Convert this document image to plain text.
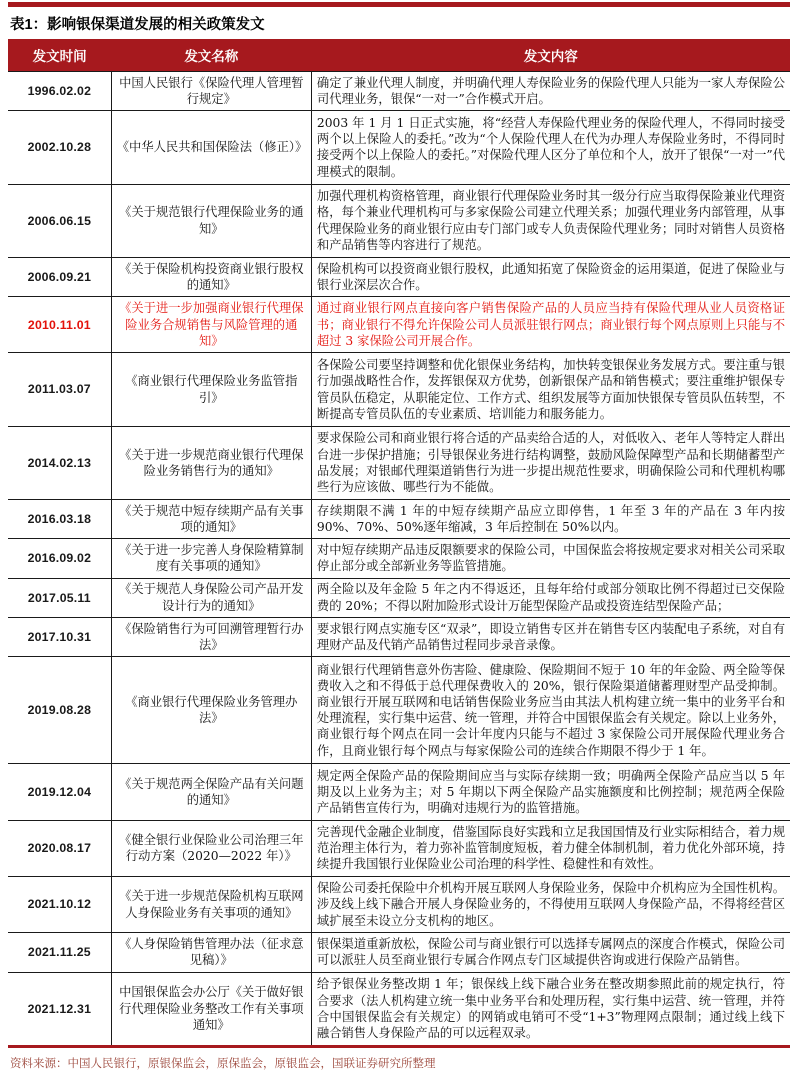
表1：影响银保渠道发展的相关政策发文
发文时间	发文名称	发文内容
1996.02.02	中国人民银行《保险代理人管理暂行规定》	确定了兼业代理人制度，并明确代理人寿保险业务的保险代理人只能为一家人寿保险公司代理业务，银保“一对一”合作模式开启。
2002.10.28	《中华人民共和国保险法（修正）》	2003 年 1 月 1 日正式实施，将“经营人寿保险代理业务的保险代理人，不得同时接受两个以上保险人的委托。”改为“个人保险代理人在代为办理人寿保险业务时，不得同时接受两个以上保险人的委托。”对保险代理人区分了单位和个人，放开了银保“一对一”代理模式的限制。
2006.06.15	《关于规范银行代理保险业务的通知》	加强代理机构资格管理，商业银行代理保险业务时其一级分行应当取得保险兼业代理资格，每个兼业代理机构可与多家保险公司建立代理关系；加强代理业务内部管理，从事代理保险业务的商业银行应由专门部门或专人负责保险代理业务；同时对销售人员资格和产品销售等内容进行了规范。
2006.09.21	《关于保险机构投资商业银行股权的通知》	保险机构可以投资商业银行股权，此通知拓宽了保险资金的运用渠道，促进了保险业与银行业深层次合作。
2010.11.01	《关于进一步加强商业银行代理保险业务合规销售与风险管理的通知》	通过商业银行网点直接向客户销售保险产品的人员应当持有保险代理从业人员资格证书；商业银行不得允许保险公司人员派驻银行网点；商业银行每个网点原则上只能与不超过 3 家保险公司开展合作。
2011.03.07	《商业银行代理保险业务监管指引》	各保险公司要坚持调整和优化银保业务结构，加快转变银保业务发展方式。要注重与银行加强战略性合作，发挥银保双方优势，创新银保产品和销售模式；要注重维护银保专管员队伍稳定，从职能定位、工作方式、组织发展等方面加快银保专管员队伍转型，不断提高专管员队伍的专业素质、培训能力和服务能力。
2014.02.13	《关于进一步规范商业银行代理保险业务销售行为的通知》	要求保险公司和商业银行将合适的产品卖给合适的人，对低收入、老年人等特定人群出台进一步保护措施；引导银保业务进行结构调整，鼓励风险保障型产品和长期储蓄型产品发展；对银邮代理渠道销售行为进一步提出规范性要求，明确保险公司和代理机构哪些行为应该做、哪些行为不能做。
2016.03.18	《关于规范中短存续期产品有关事项的通知》	存续期限不满 1 年的中短存续期产品应立即停售，1 年至 3 年的产品在 3 年内按 90%、70%、50%逐年缩减，3 年后控制在 50%以内。
2016.09.02	《关于进一步完善人身保险精算制度有关事项的通知》	对中短存续期产品违反限额要求的保险公司，中国保监会将按规定要求对相关公司采取停止部分或全部新业务等监管措施。
2017.05.11	《关于规范人身保险公司产品开发设计行为的通知》	两全险以及年金险 5 年之内不得返还，且每年给付或部分领取比例不得超过已交保险费的 20%；不得以附加险形式设计万能型保险产品或投资连结型保险产品；
2017.10.31	《保险销售行为可回溯管理暂行办法》	要求银行网点实施专区“双录”，即设立销售专区并在销售专区内装配电子系统，对自有理财产品及代销产品销售过程同步录音录像。
2019.08.28	《商业银行代理保险业务管理办法》	商业银行代理销售意外伤害险、健康险、保险期间不短于 10 年的年金险、两全险等保费收入之和不得低于总代理保费收入的 20%，银行保险渠道储蓄理财型产品受抑制。商业银行开展互联网和电话销售保险业务应当由其法人机构建立统一集中的业务平台和处理流程，实行集中运营、统一管理，并符合中国银保监会有关规定。除以上业务外，商业银行每个网点在同一会计年度内只能与不超过 3 家保险公司开展保险代理业务合作，且商业银行每个网点与每家保险公司的连续合作期限不得少于 1 年。
2019.12.04	《关于规范两全保险产品有关问题的通知》	规定两全保险产品的保险期间应当与实际存续期一致；明确两全保险产品应当以 5 年期及以上业务为主；对 5 年期以下两全保险产品实施额度和比例控制；规范两全保险产品销售宣传行为，明确对违规行为的监管措施。
2020.08.17	《健全银行业保险业公司治理三年行动方案（2020—2022 年）》	完善现代金融企业制度，借鉴国际良好实践和立足我国国情及行业实际相结合，着力规范治理主体行为，着力弥补监管制度短板，着力健全体制机制，着力优化外部环境，持续提升我国银行业保险业公司治理的科学性、稳健性和有效性。
2021.10.12	《关于进一步规范保险机构互联网人身保险业务有关事项的通知》	保险公司委托保险中介机构开展互联网人身保险业务，保险中介机构应为全国性机构。涉及线上线下融合开展人身保险业务的，不得使用互联网人身保险产品，不得将经营区域扩展至未设立分支机构的地区。
2021.11.25	《人身保险销售管理办法（征求意见稿）》	银保渠道重新放松，保险公司与商业银行可以选择专属网点的深度合作模式，保险公司可以派驻人员至商业银行专属合作网点专门区域提供咨询或进行保险产品销售。
2021.12.31	中国银保监会办公厅《关于做好银行代理保险业务整改工作有关事项通知》	给予银保业务整改期 1 年；银保线上线下融合业务在整改期参照此前的规定执行，符合要求（法人机构建立统一集中业务平台和处理历程，实行集中运营、统一管理，并符合中国银保监会有关规定）的网销或电销可不受“1+3”物理网点限制；通过线上线下融合销售人身保险产品的可以远程双录。
资料来源：中国人民银行，原银保监会，原保监会，原银监会，国联证券研究所整理
